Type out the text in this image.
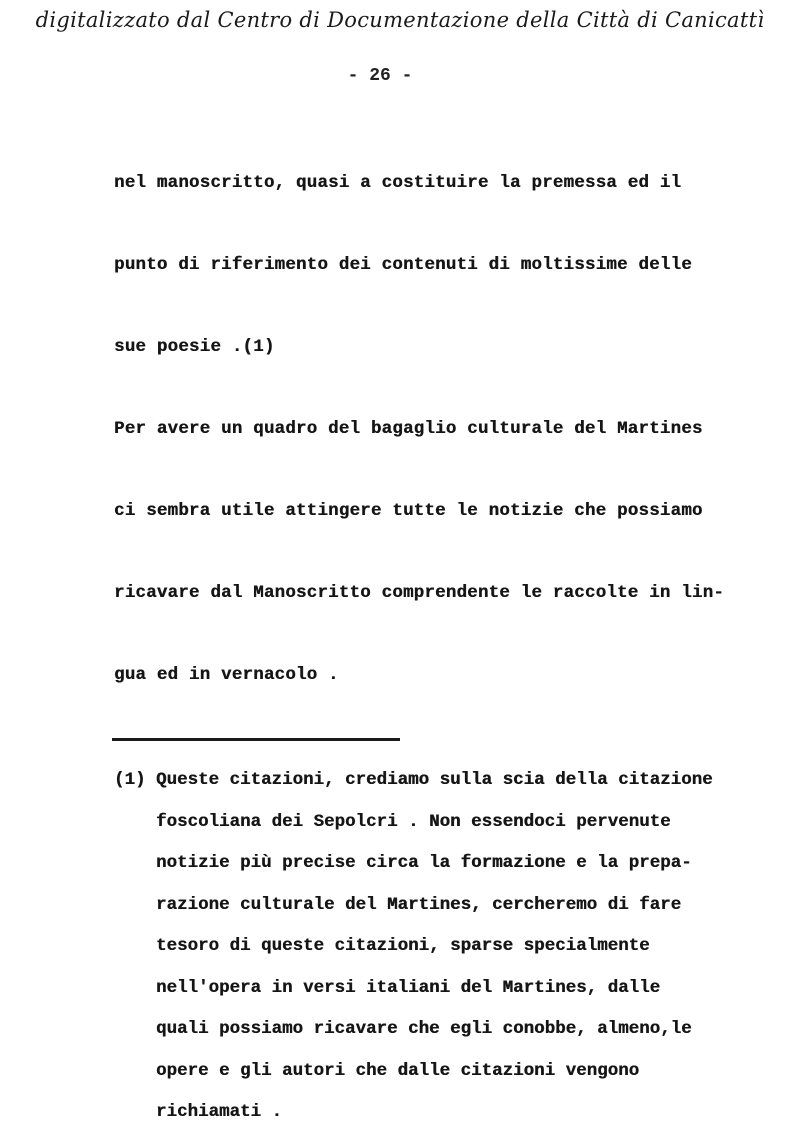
digitalizzato dal Centro di Documentazione della Città di Canicattì
- 26 -
nel manoscritto, quasi a costituire la premessa ed il
punto di riferimento dei contenuti di moltissime delle
sue poesie .(1)
Per avere un quadro del bagaglio culturale del Martines
ci sembra utile attingere tutte le notizie che possiamo
ricavare dal Manoscritto comprendente le raccolte in lin-
gua ed in vernacolo .
(1) Queste citazioni, crediamo sulla scia della citazione
foscoliana dei Sepolcri . Non essendoci pervenute
notizie più precise circa la formazione e la prepa-
razione culturale del Martines, cercheremo di fare
tesoro di queste citazioni, sparse specialmente
nell'opera in versi italiani del Martines, dalle
quali possiamo ricavare che egli conobbe, almeno,le
opere e gli autori che dalle citazioni vengono
richiamati .
